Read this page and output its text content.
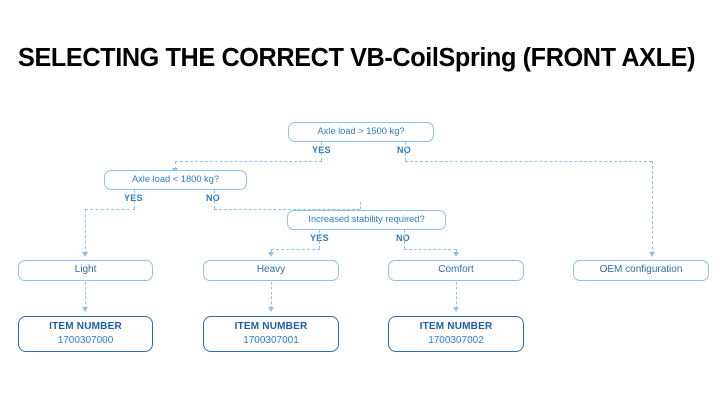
SELECTING THE CORRECT VB-CoilSpring (FRONT AXLE)
Axle load > 1500 kg?
YES	NO
Axle load < 1800 kg?
YES	NO
Increased stability required?
YES	NO
Light	Heavy	Comfort	OEM configuration
ITEM NUMBER
1700307000
ITEM NUMBER
1700307001
ITEM NUMBER
1700307002
